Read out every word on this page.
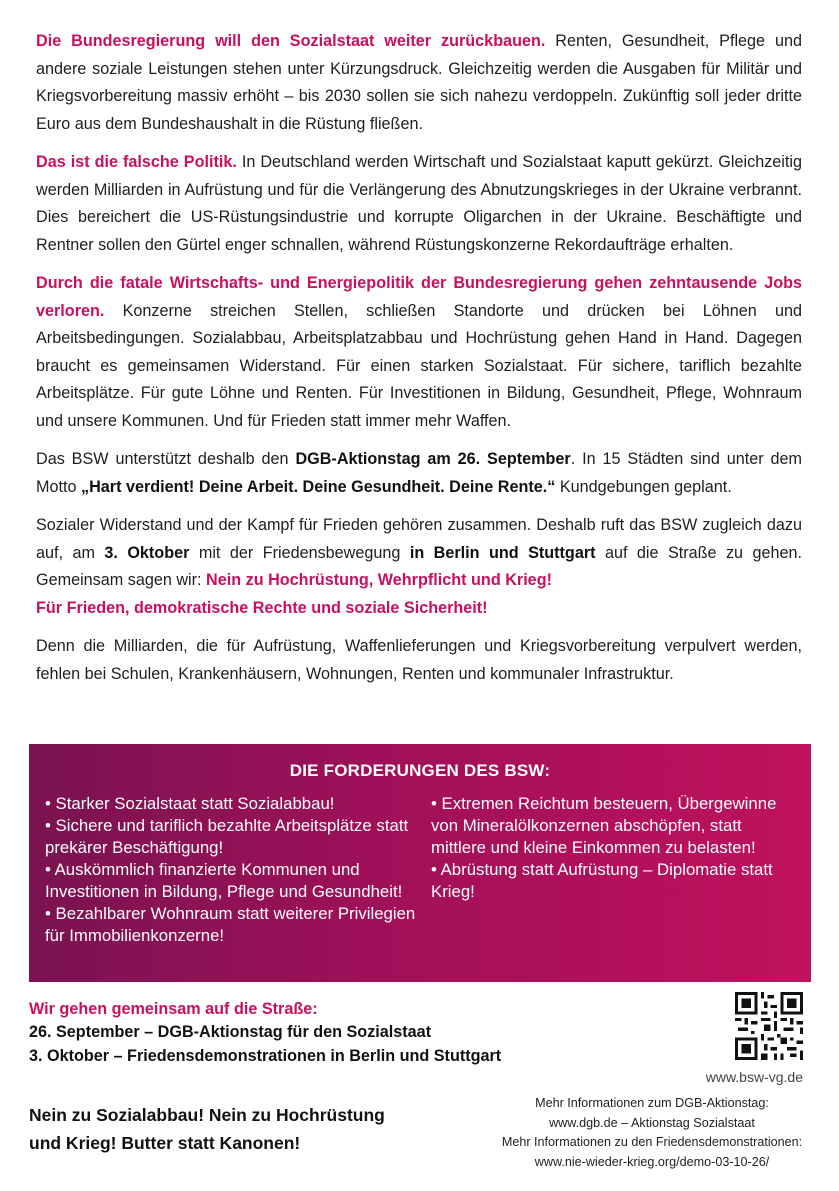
Die Bundesregierung will den Sozialstaat weiter zurückbauen. Renten, Gesundheit, Pflege und andere soziale Leistungen stehen unter Kürzungsdruck. Gleichzeitig werden die Ausgaben für Militär und Kriegsvorbereitung massiv erhöht – bis 2030 sollen sie sich nahezu verdoppeln. Zukünftig soll jeder dritte Euro aus dem Bundeshaushalt in die Rüstung fließen.

Das ist die falsche Politik. In Deutschland werden Wirtschaft und Sozialstaat kaputt gekürzt. Gleichzeitig werden Milliarden in Aufrüstung und für die Verlängerung des Abnutzungskrieges in der Ukraine verbrannt. Dies bereichert die US-Rüstungsindustrie und korrupte Oligarchen in der Ukraine. Beschäftigte und Rentner sollen den Gürtel enger schnallen, während Rüstungskonzerne Rekordaufträge erhalten.

Durch die fatale Wirtschafts- und Energiepolitik der Bundesregierung gehen zehntausende Jobs verloren. Konzerne streichen Stellen, schließen Standorte und drücken bei Löhnen und Arbeitsbedingungen. Sozialabbau, Arbeitsplatzabbau und Hochrüstung gehen Hand in Hand. Dagegen braucht es gemeinsamen Widerstand. Für einen starken Sozialstaat. Für sichere, tariflich bezahlte Arbeitsplätze. Für gute Löhne und Renten. Für Investitionen in Bildung, Gesundheit, Pflege, Wohnraum und unsere Kommunen. Und für Frieden statt immer mehr Waffen.

Das BSW unterstützt deshalb den DGB-Aktionstag am 26. September. In 15 Städten sind unter dem Motto „Hart verdient! Deine Arbeit. Deine Gesundheit. Deine Rente.“ Kundgebungen geplant.

Sozialer Widerstand und der Kampf für Frieden gehören zusammen. Deshalb ruft das BSW zugleich dazu auf, am 3. Oktober mit der Friedensbewegung in Berlin und Stuttgart auf die Straße zu gehen. Gemeinsam sagen wir: Nein zu Hochrüstung, Wehrpflicht und Krieg!
Für Frieden, demokratische Rechte und soziale Sicherheit!

Denn die Milliarden, die für Aufrüstung, Waffenlieferungen und Kriegsvorbereitung verpulvert werden, fehlen bei Schulen, Krankenhäusern, Wohnungen, Renten und kommunaler Infrastruktur.

DIE FORDERUNGEN DES BSW:
• Starker Sozialstaat statt Sozialabbau!
• Sichere und tariflich bezahlte Arbeitsplätze statt prekärer Beschäftigung!
• Auskömmlich finanzierte Kommunen und Investitionen in Bildung, Pflege und Gesundheit!
• Bezahlbarer Wohnraum statt weiterer Privilegien für Immobilienkonzerne!
• Extremen Reichtum besteuern, Übergewinne von Mineralölkonzernen abschöpfen, statt mittlere und kleine Einkommen zu belasten!
• Abrüstung statt Aufrüstung – Diplomatie statt Krieg!
Wir gehen gemeinsam auf die Straße:
26. September – DGB-Aktionstag für den Sozialstaat
3. Oktober – Friedensdemonstrationen in Berlin und Stuttgart
www.bsw-vg.de
Nein zu Sozialabbau! Nein zu Hochrüstung
und Krieg! Butter statt Kanonen!
Mehr Informationen zum DGB-Aktionstag:
www.dgb.de – Aktionstag Sozialstaat
Mehr Informationen zu den Friedensdemonstrationen:
www.nie-wieder-krieg.org/demo-03-10-26/
